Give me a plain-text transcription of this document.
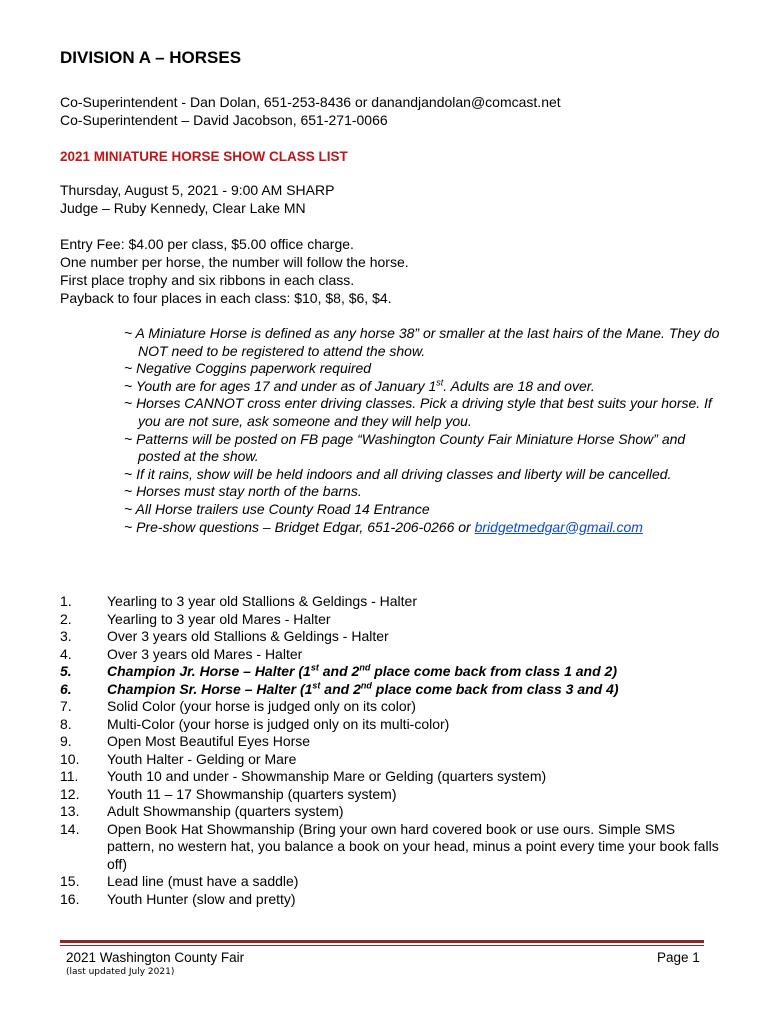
DIVISION A – HORSES
Co-Superintendent - Dan Dolan, 651-253-8436 or danandjandolan@comcast.net
Co-Superintendent – David Jacobson, 651-271-0066
2021 MINIATURE HORSE SHOW CLASS LIST
Thursday, August 5, 2021 - 9:00 AM SHARP
Judge – Ruby Kennedy, Clear Lake MN
Entry Fee: $4.00 per class, $5.00 office charge.
One number per horse, the number will follow the horse.
First place trophy and six ribbons in each class.
Payback to four places in each class: $10, $8, $6, $4.
~ A Miniature Horse is defined as any horse 38” or smaller at the last hairs of the Mane. They do NOT need to be registered to attend the show.
~ Negative Coggins paperwork required
~ Youth are for ages 17 and under as of January 1st. Adults are 18 and over.
~ Horses CANNOT cross enter driving classes. Pick a driving style that best suits your horse. If you are not sure, ask someone and they will help you.
~ Patterns will be posted on FB page “Washington County Fair Miniature Horse Show” and posted at the show.
~ If it rains, show will be held indoors and all driving classes and liberty will be cancelled.
~ Horses must stay north of the barns.
~ All Horse trailers use County Road 14 Entrance
~ Pre-show questions – Bridget Edgar, 651-206-0266 or bridgetmedgar@gmail.com
1.	Yearling to 3 year old Stallions & Geldings - Halter
2.	Yearling to 3 year old Mares - Halter
3.	Over 3 years old Stallions & Geldings - Halter
4.	Over 3 years old Mares - Halter
5.	Champion Jr. Horse – Halter (1st and 2nd place come back from class 1 and 2)
6.	Champion Sr. Horse – Halter (1st and 2nd place come back from class 3 and 4)
7.	Solid Color (your horse is judged only on its color)
8.	Multi-Color (your horse is judged only on its multi-color)
9.	Open Most Beautiful Eyes Horse
10.	Youth Halter - Gelding or Mare
11.	Youth 10 and under - Showmanship Mare or Gelding (quarters system)
12.	Youth 11 – 17 Showmanship (quarters system)
13.	Adult Showmanship (quarters system)
14.	Open Book Hat Showmanship (Bring your own hard covered book or use ours. Simple SMS pattern, no western hat, you balance a book on your head, minus a point every time your book falls off)
15.	Lead line (must have a saddle)
16.	Youth Hunter (slow and pretty)
2021 Washington County Fair	Page 1
(last updated July 2021)
